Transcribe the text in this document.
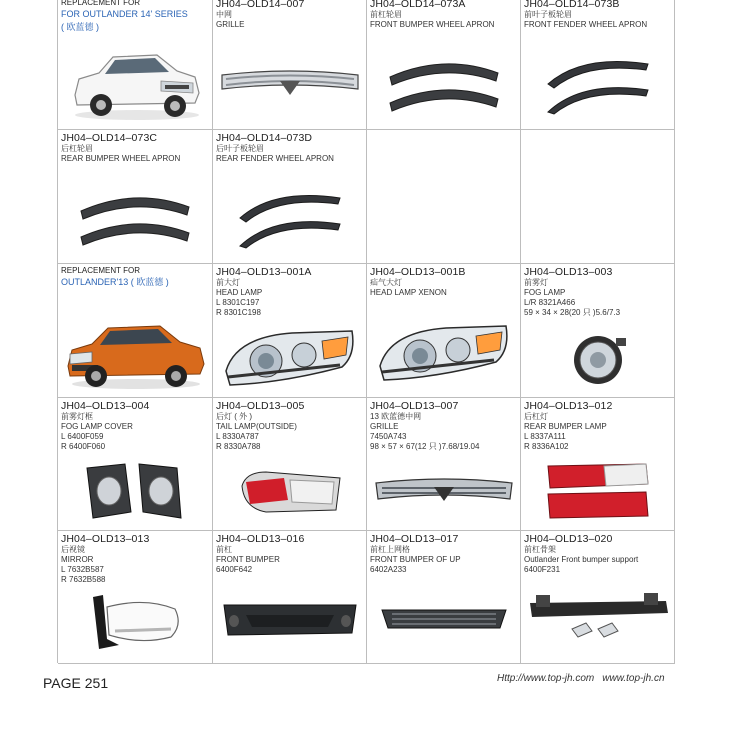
REPLACEMENT FOR
FOR OUTLANDER 14' SERIES
( 欧蓝德 )
JH04–OLD14–007
中网
GRILLE
JH04–OLD14–073A
前杠轮眉
FRONT BUMPER WHEEL APRON
JH04–OLD14–073B
前叶子板轮眉
FRONT FENDER WHEEL APRON
JH04–OLD14–073C
后杠轮眉
REAR BUMPER WHEEL APRON
JH04–OLD14–073D
后叶子板轮眉
REAR FENDER WHEEL APRON
REPLACEMENT FOR
OUTLANDER'13 ( 欧蓝德 )
JH04–OLD13–001A
前大灯
HEAD LAMP
L 8301C197
R 8301C198
JH04–OLD13–001B
疝气大灯
HEAD LAMP XENON
JH04–OLD13–003
前雾灯
FOG LAMP
L/R 8321A466
59 × 34 × 28(20 只 )5.6/7.3
JH04–OLD13–004
前雾灯框
FOG LAMP COVER
L 6400F059
R 6400F060
JH04–OLD13–005
后灯 ( 外 )
TAIL LAMP(OUTSIDE)
L 8330A787
R 8330A788
JH04–OLD13–007
13 欧蓝德中网
GRILLE
7450A743
98 × 57 × 67(12 只 )7.68/19.04
JH04–OLD13–012
后杠灯
REAR BUMPER LAMP
L 8337A111
R 8336A102
JH04–OLD13–013
后视镜
MIRROR
L 7632B587
R 7632B588
JH04–OLD13–016
前杠
FRONT BUMPER
6400F642
JH04–OLD13–017
前杠上网格
FRONT BUMPER OF UP
6402A233
JH04–OLD13–020
前杠骨架
Outlander Front bumper support
6400F231
PAGE 251	Http://www.top-jh.com www.top-jh.cn
